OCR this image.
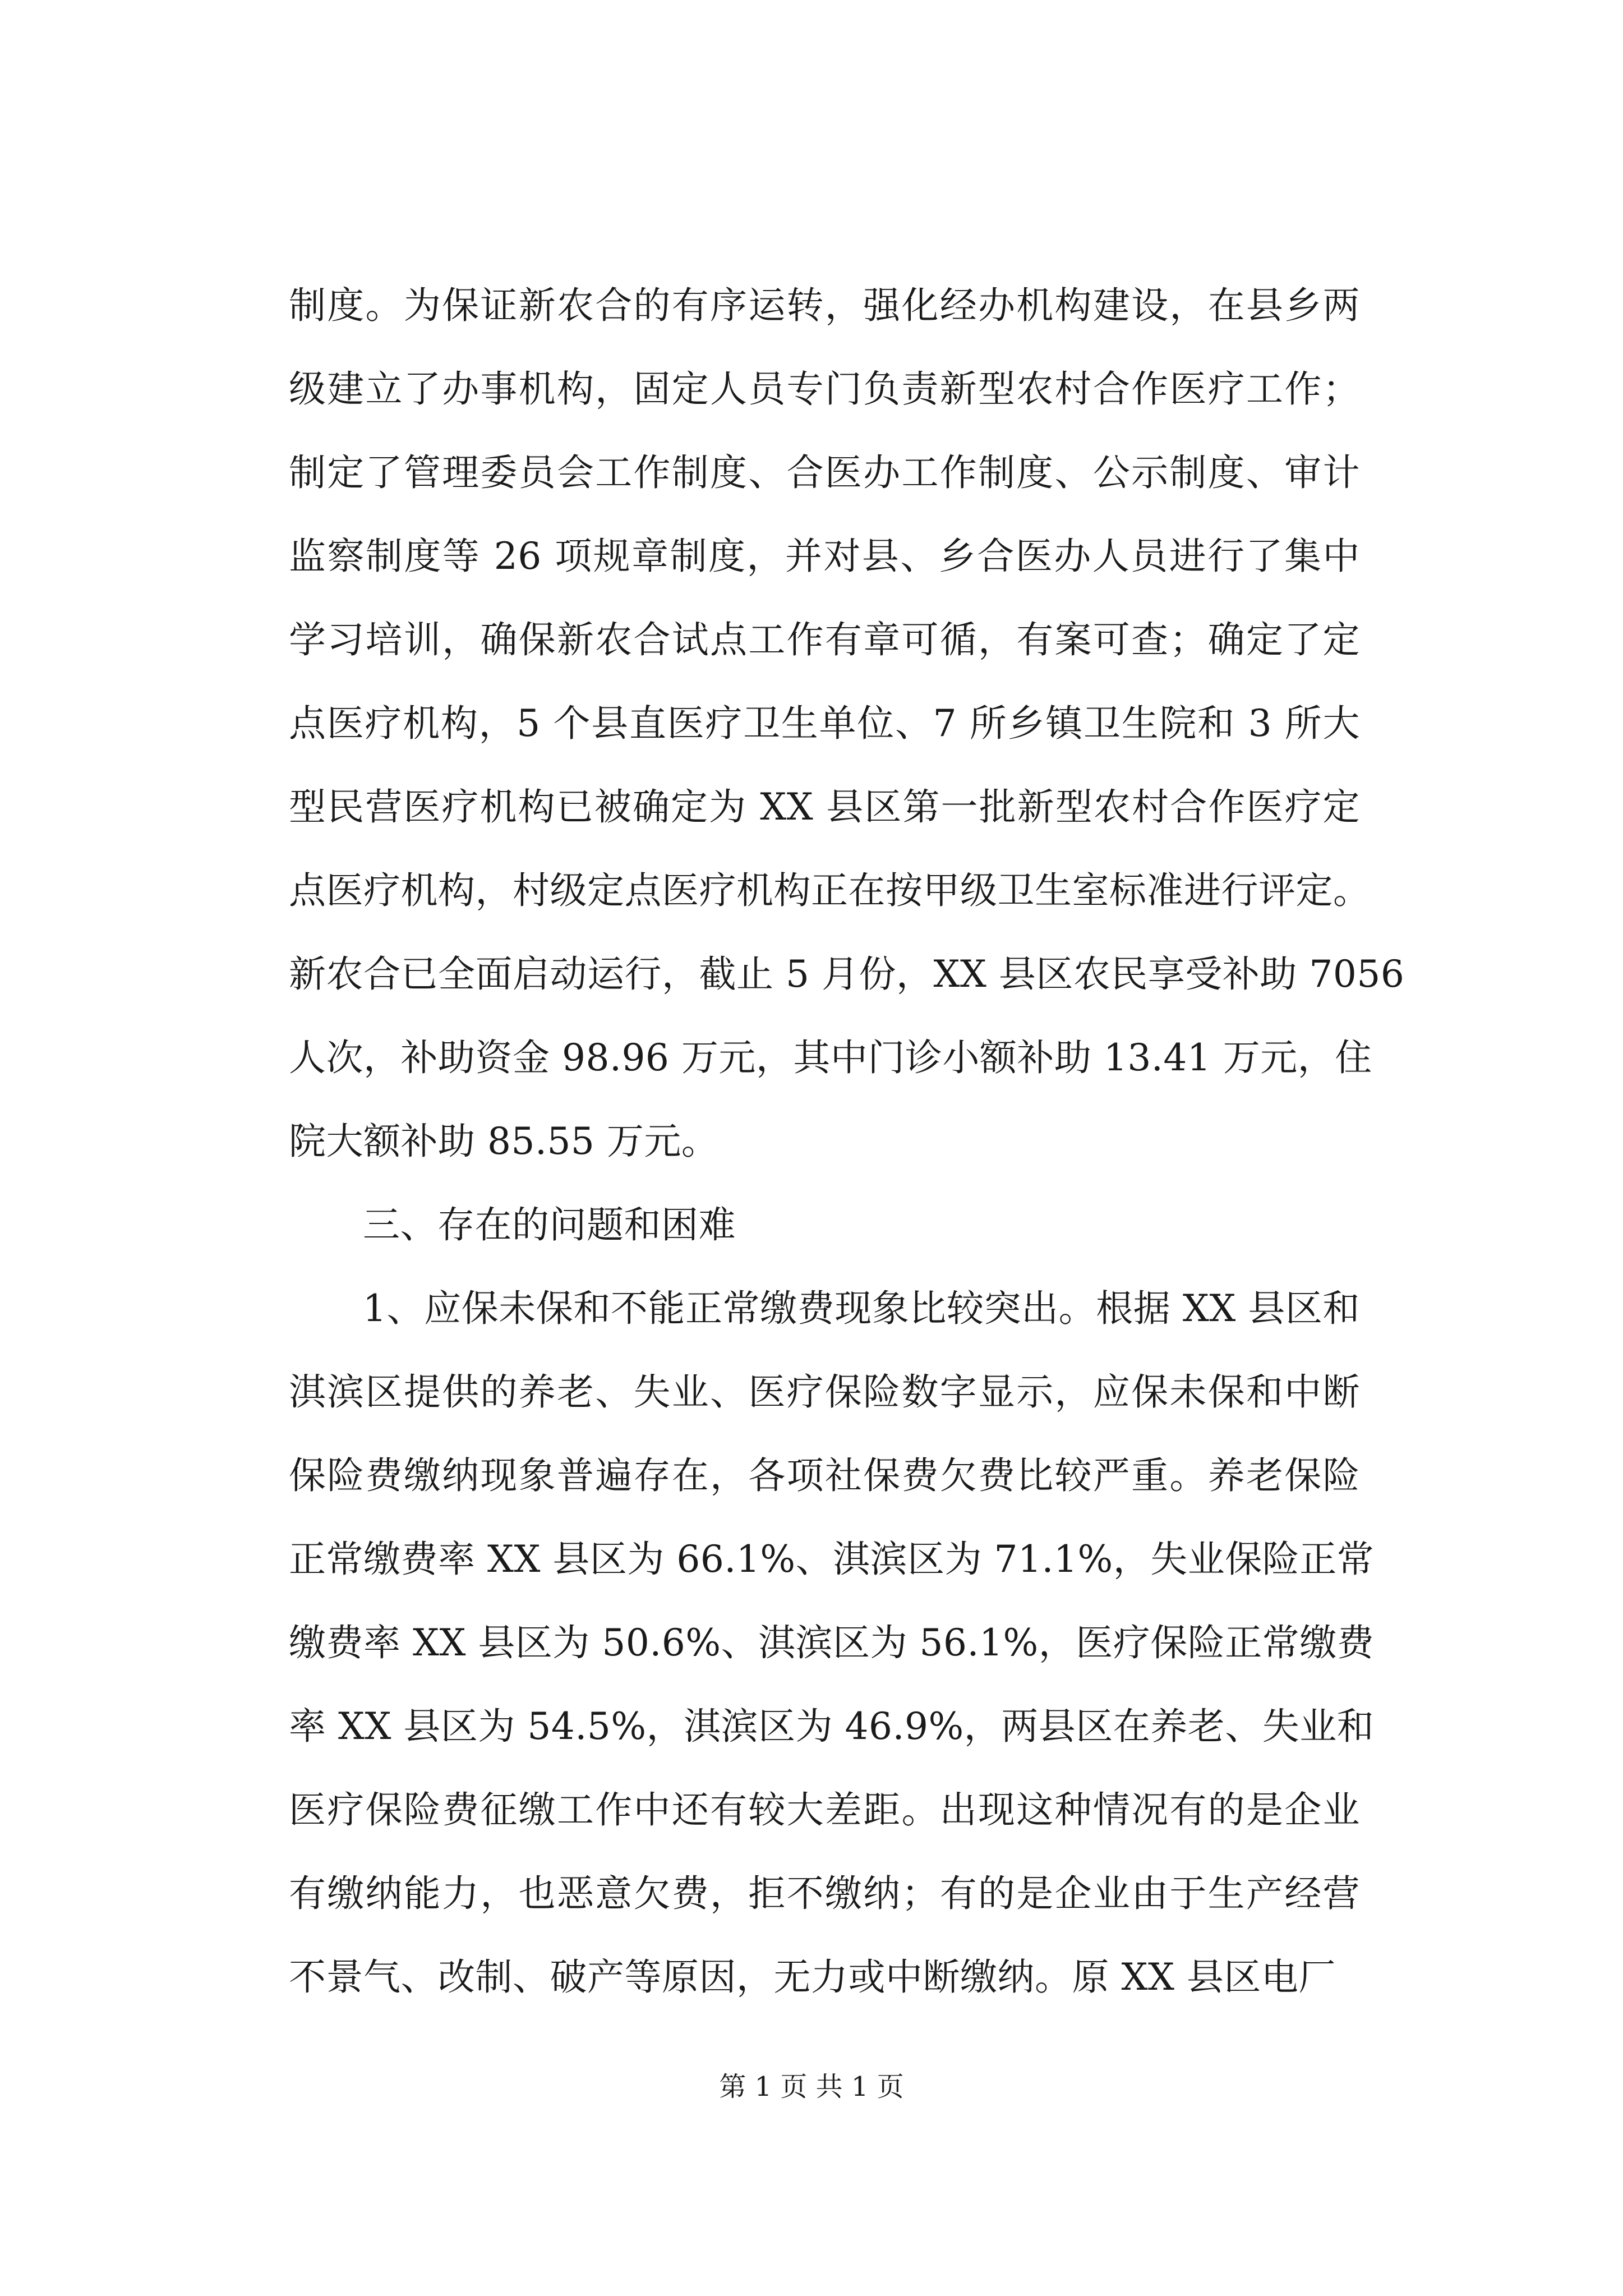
制度。为保证新农合的有序运转，强化经办机构建设，在县乡两
级建立了办事机构，固定人员专门负责新型农村合作医疗工作；
制定了管理委员会工作制度、合医办工作制度、公示制度、审计
监察制度等 26 项规章制度，并对县、乡合医办人员进行了集中
学习培训，确保新农合试点工作有章可循，有案可查；确定了定
点医疗机构，5 个县直医疗卫生单位、7 所乡镇卫生院和 3 所大
型民营医疗机构已被确定为 XX 县区第一批新型农村合作医疗定
点医疗机构，村级定点医疗机构正在按甲级卫生室标准进行评定。
新农合已全面启动运行，截止 5 月份，XX 县区农民享受补助 7056
人次，补助资金 98.96 万元，其中门诊小额补助 13.41 万元，住
院大额补助 85.55 万元。
三、存在的问题和困难
1、应保未保和不能正常缴费现象比较突出。根据 XX 县区和
淇滨区提供的养老、失业、医疗保险数字显示，应保未保和中断
保险费缴纳现象普遍存在，各项社保费欠费比较严重。养老保险
正常缴费率 XX 县区为 66.1%、淇滨区为 71.1%，失业保险正常
缴费率 XX 县区为 50.6%、淇滨区为 56.1%，医疗保险正常缴费
率 XX 县区为 54.5%，淇滨区为 46.9%，两县区在养老、失业和
医疗保险费征缴工作中还有较大差距。出现这种情况有的是企业
有缴纳能力，也恶意欠费，拒不缴纳；有的是企业由于生产经营
不景气、改制、破产等原因，无力或中断缴纳。原 XX 县区电厂
第 1 页 共 1 页
